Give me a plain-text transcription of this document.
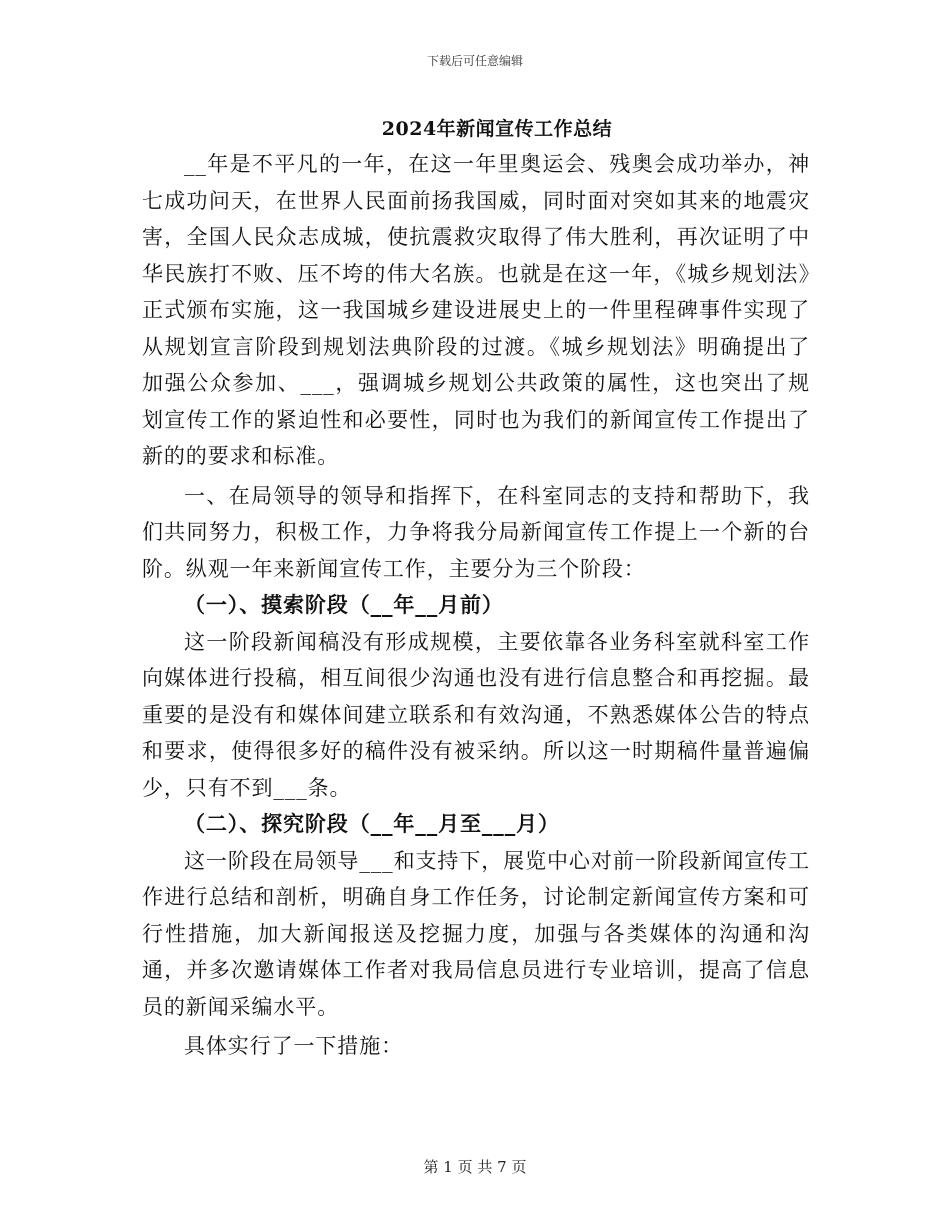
下载后可任意编辑
2024年新闻宣传工作总结

__年是不平凡的一年，在这一年里奥运会、残奥会成功举办，神七成功问天，在世界人民面前扬我国威，同时面对突如其来的地震灾害，全国人民众志成城，使抗震救灾取得了伟大胜利，再次证明了中华民族打不败、压不垮的伟大名族。也就是在这一年，《城乡规划法》正式颁布实施，这一我国城乡建设进展史上的一件里程碑事件实现了从规划宣言阶段到规划法典阶段的过渡。《城乡规划法》明确提出了加强公众参加、___，强调城乡规划公共政策的属性，这也突出了规划宣传工作的紧迫性和必要性，同时也为我们的新闻宣传工作提出了新的的要求和标准。

一、在局领导的领导和指挥下，在科室同志的支持和帮助下，我们共同努力，积极工作，力争将我分局新闻宣传工作提上一个新的台阶。纵观一年来新闻宣传工作，主要分为三个阶段：

（一）、摸索阶段（__年__月前）

这一阶段新闻稿没有形成规模，主要依靠各业务科室就科室工作向媒体进行投稿，相互间很少沟通也没有进行信息整合和再挖掘。最重要的是没有和媒体间建立联系和有效沟通，不熟悉媒体公告的特点和要求，使得很多好的稿件没有被采纳。所以这一时期稿件量普遍偏少，只有不到___条。

（二）、探究阶段（__年__月至___月）

这一阶段在局领导___和支持下，展览中心对前一阶段新闻宣传工作进行总结和剖析，明确自身工作任务，讨论制定新闻宣传方案和可行性措施，加大新闻报送及挖掘力度，加强与各类媒体的沟通和沟通，并多次邀请媒体工作者对我局信息员进行专业培训，提高了信息员的新闻采编水平。

具体实行了一下措施：

第 1 页 共 7 页
